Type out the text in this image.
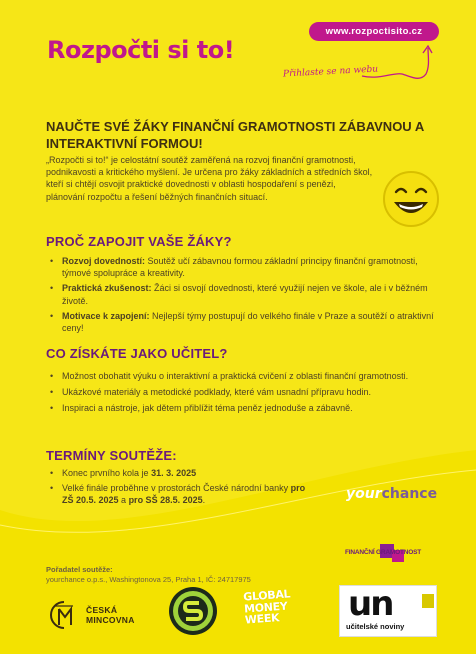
www.rozpoctisito.cz
Rozpočti si to!
Přihlaste se na webu
NAUČTE SVÉ ŽÁKY FINANČNÍ GRAMOTNOSTI ZÁBAVNOU A INTERAKTIVNÍ FORMOU!

„Rozpočti si to!“ je celostátní soutěž zaměřená na rozvoj finanční gramotnosti, podnikavosti a kritického myšlení. Je určena pro žáky základních a středních škol, kteří si chtějí osvojit praktické dovednosti v oblasti hospodaření s penězi, plánování rozpočtu a řešení běžných finančních situací.

PROČ ZAPOJIT VAŠE ŽÁKY?
• Rozvoj dovedností: Soutěž učí zábavnou formou základní principy finanční gramotnosti, týmové spolupráce a kreativity.
• Praktická zkušenost: Žáci si osvojí dovednosti, které využijí nejen ve škole, ale i v běžném životě.
• Motivace k zapojení: Nejlepší týmy postupují do velkého finále v Praze a soutěží o atraktivní ceny!
CO ZÍSKÁTE JAKO UČITEL?
• Možnost obohatit výuku o interaktivní a praktická cvičení z oblasti finanční gramotnosti.
• Ukázkové materiály a metodické podklady, které vám usnadní přípravu hodin.
• Inspiraci a nástroje, jak dětem přiblížit téma peněz jednoduše a zábavně.
TERMÍNY SOUTĚŽE:
• Konec prvního kola je 31. 3. 2025
• Velké finále proběhne v prostorách České národní banky pro ZŠ 20.5. 2025 a pro SŠ 28.5. 2025.	yourchance
FINANČNÍ GRAMOTNOST
Pořadatel soutěže:
yourchance o.p.s., Washingtonova 25, Praha 1, IČ: 24717975
ČESKÁ
MINCOVNA
GLOBAL
MONEY
WEEK	un
učitelské noviny
